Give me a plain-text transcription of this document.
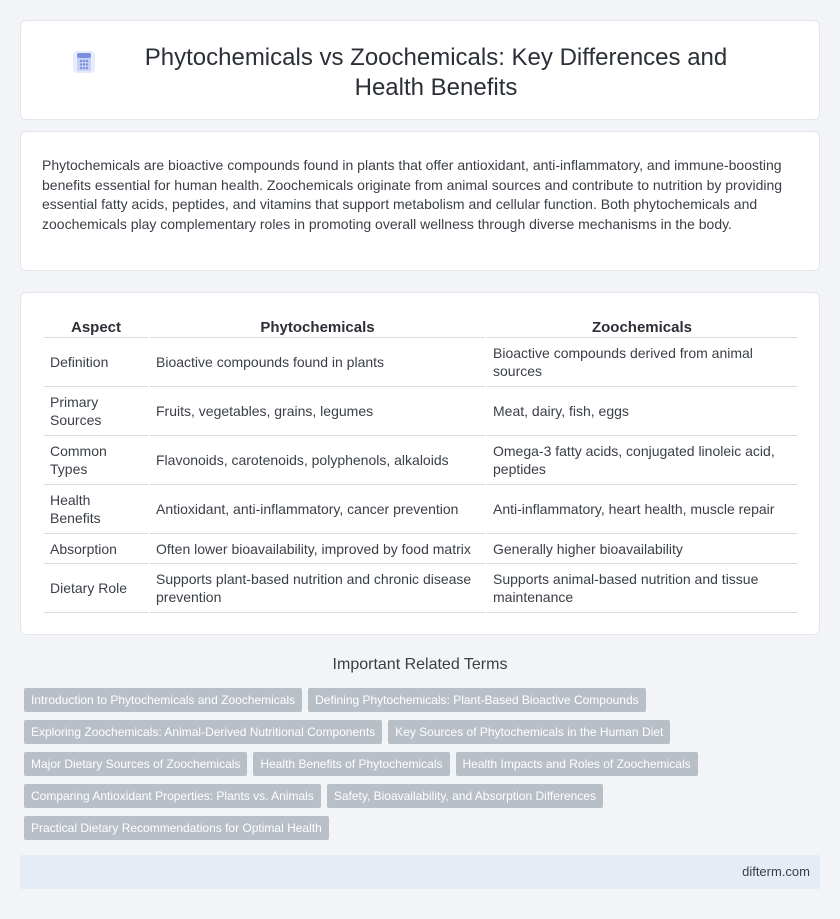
Phytochemicals vs Zoochemicals: Key Differences and Health Benefits

Phytochemicals are bioactive compounds found in plants that offer antioxidant, anti-inflammatory, and immune-boosting benefits essential for human health. Zoochemicals originate from animal sources and contribute to nutrition by providing essential fatty acids, peptides, and vitamins that support metabolism and cellular function. Both phytochemicals and zoochemicals play complementary roles in promoting overall wellness through diverse mechanisms in the body.

Aspect	Phytochemicals	Zoochemicals
Definition	Bioactive compounds found in plants	Bioactive compounds derived from animal sources
Primary Sources	Fruits, vegetables, grains, legumes	Meat, dairy, fish, eggs
Common Types	Flavonoids, carotenoids, polyphenols, alkaloids	Omega-3 fatty acids, conjugated linoleic acid, peptides
Health Benefits	Antioxidant, anti-inflammatory, cancer prevention	Anti-inflammatory, heart health, muscle repair
Absorption	Often lower bioavailability, improved by food matrix	Generally higher bioavailability
Dietary Role	Supports plant-based nutrition and chronic disease prevention	Supports animal-based nutrition and tissue maintenance
Important Related Terms
Introduction to Phytochemicals and Zoochemicals	Defining Phytochemicals: Plant-Based Bioactive Compounds
Exploring Zoochemicals: Animal-Derived Nutritional Components	Key Sources of Phytochemicals in the Human Diet
Major Dietary Sources of Zoochemicals	Health Benefits of Phytochemicals	Health Impacts and Roles of Zoochemicals
Comparing Antioxidant Properties: Plants vs. Animals	Safety, Bioavailability, and Absorption Differences
Practical Dietary Recommendations for Optimal Health
difterm.com
